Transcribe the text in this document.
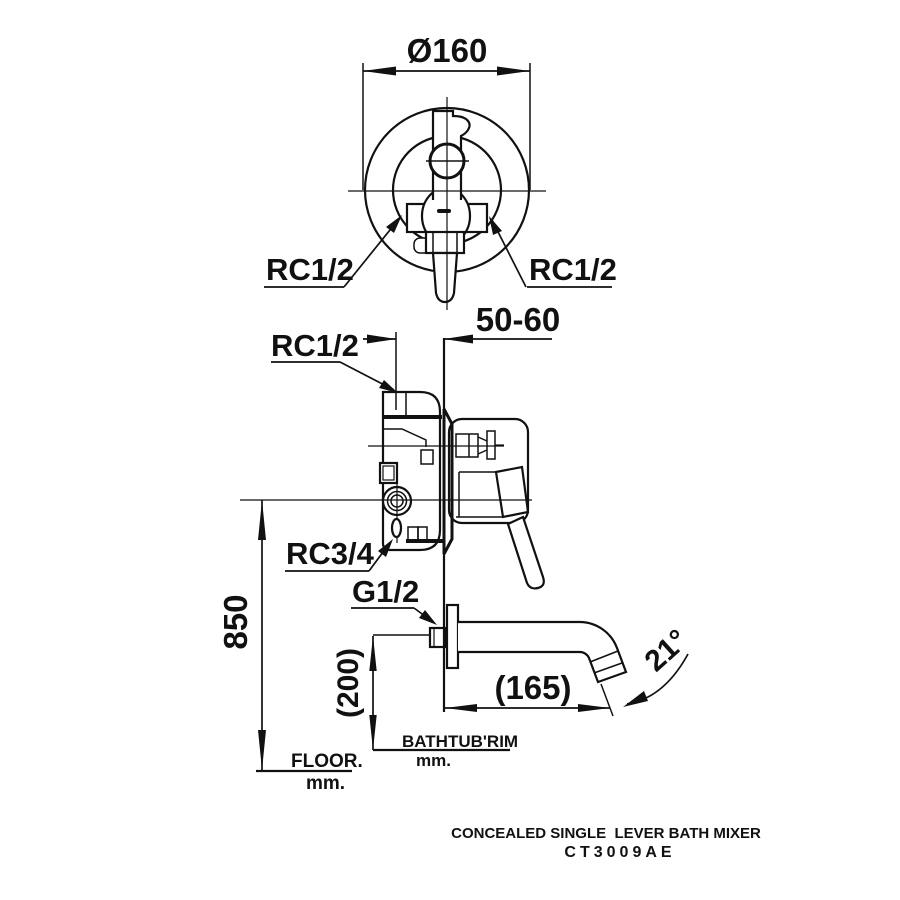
Ø160
RC1/2	RC1/2
50-60
RC1/2
RC3/4
G1/2
850
(200)	(165)
21°
BATHTUB'RIM
mm.
FLOOR.
mm.
CONCEALED SINGLE  LEVER BATH MIXER
CT3009AE
